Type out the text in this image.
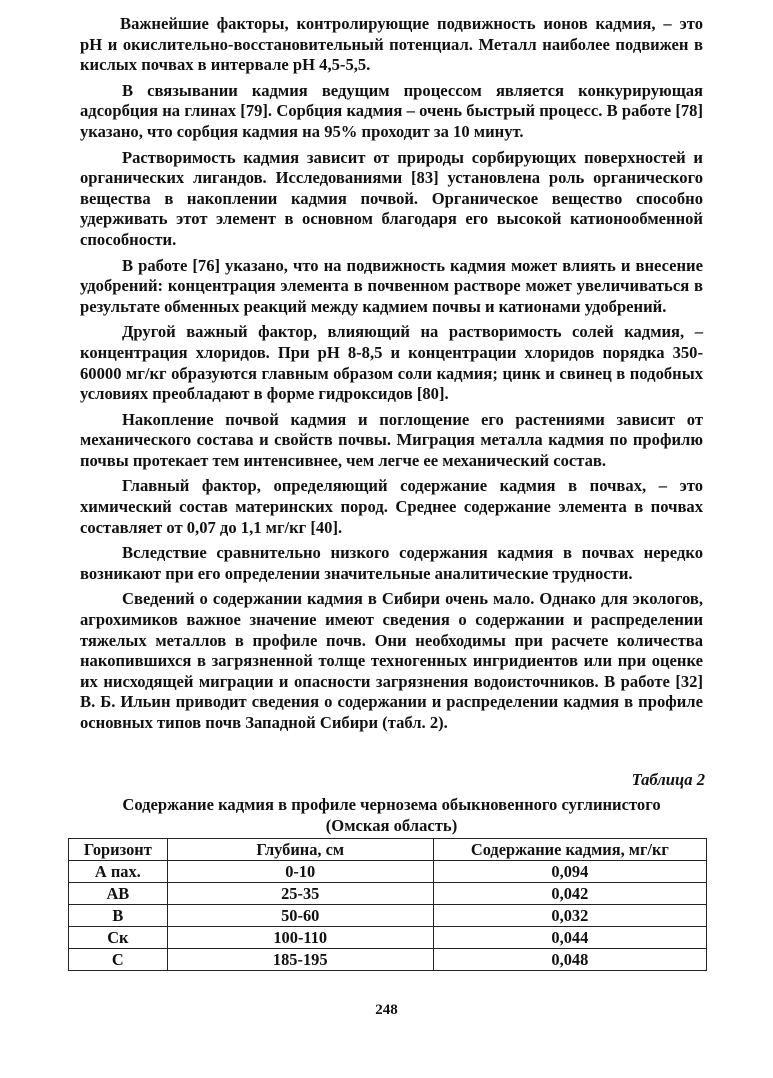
Важнейшие факторы, контролирующие подвижность ионов кадмия, – это рН и окислительно-восстановительный потенциал. Металл наиболее подвижен в кислых почвах в интервале рН 4,5-5,5.

В связывании кадмия ведущим процессом является конкурирующая адсорбция на глинах [79]. Сорбция кадмия – очень быстрый процесс. В работе [78] указано, что сорбция кадмия на 95% проходит за 10 минут.

Растворимость кадмия зависит от природы сорбирующих поверхностей и органических лигандов. Исследованиями [83] установлена роль органического вещества в накоплении кадмия почвой. Органическое вещество способно удерживать этот элемент в основном благодаря его высокой катионообменной способности.

В работе [76] указано, что на подвижность кадмия может влиять и внесение удобрений: концентрация элемента в почвенном растворе может увеличиваться в результате обменных реакций между кадмием почвы и катионами удобрений.

Другой важный фактор, влияющий на растворимость солей кадмия, – концентрация хлоридов. При рН 8-8,5 и концентрации хлоридов порядка 350-60000 мг/кг образуются главным образом соли кадмия; цинк и свинец в подобных условиях преобладают в форме гидроксидов [80].

Накопление почвой кадмия и поглощение его растениями зависит от механического состава и свойств почвы. Миграция металла кадмия по профилю почвы протекает тем интенсивнее, чем легче ее механический состав.

Главный фактор, определяющий содержание кадмия в почвах, – это химический состав материнских пород. Среднее содержание элемента в почвах составляет от 0,07 до 1,1 мг/кг [40].

Вследствие сравнительно низкого содержания кадмия в почвах нередко возникают при его определении значительные аналитические трудности.

Сведений о содержании кадмия в Сибири очень мало. Однако для экологов, агрохимиков важное значение имеют сведения о содержании и распределении тяжелых металлов в профиле почв. Они необходимы при расчете количества накопившихся в загрязненной толще техногенных ингридиентов или при оценке их нисходящей миграции и опасности загрязнения водоисточников. В работе [32] В. Б. Ильин приводит сведения о содержании и распределении кадмия в профиле основных типов почв Западной Сибири (табл. 2).

Таблица 2
Содержание кадмия в профиле чернозема обыкновенного суглинистого
(Омская область)
Горизонт	Глубина, см	Содержание кадмия, мг/кг
А пах.	0-10	0,094
АВ	25-35	0,042
В	50-60	0,032
Ск	100-110	0,044
С	185-195	0,048
248
